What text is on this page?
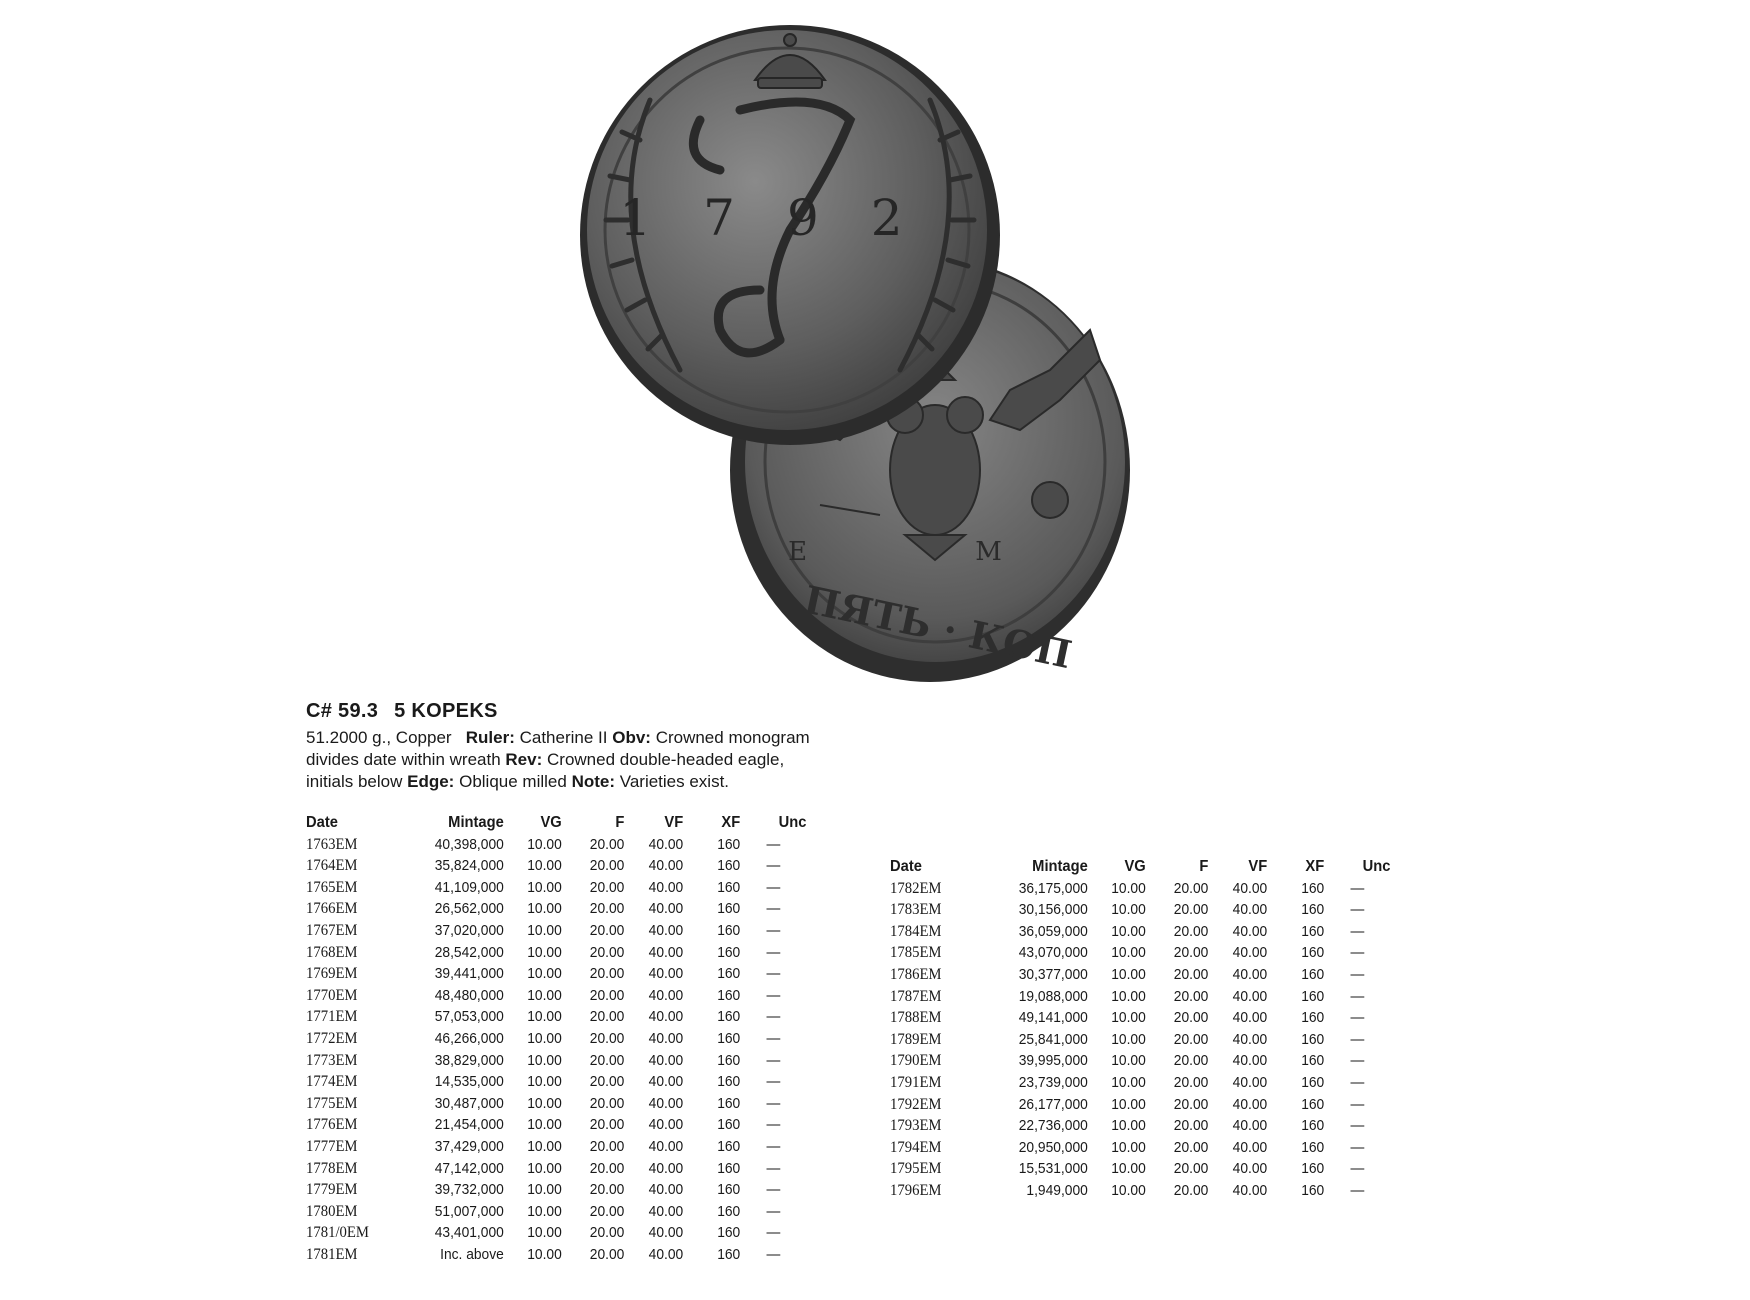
E M
ПЯТЬ · КОП
1792
C# 59.3 5 KOPEKS

51.2000 g., Copper Ruler: Catherine II Obv: Crowned monogram divides date within wreath Rev: Crowned double-headed eagle, initials below Edge: Oblique milled Note: Varieties exist.

Date	Mintage	VG	F	VF	XF	Unc
1763EM	40,398,000	10.00	20.00	40.00	160	—
1764EM	35,824,000	10.00	20.00	40.00	160	—
1765EM	41,109,000	10.00	20.00	40.00	160	—
1766EM	26,562,000	10.00	20.00	40.00	160	—
1767EM	37,020,000	10.00	20.00	40.00	160	—
1768EM	28,542,000	10.00	20.00	40.00	160	—
1769EM	39,441,000	10.00	20.00	40.00	160	—
1770EM	48,480,000	10.00	20.00	40.00	160	—
1771EM	57,053,000	10.00	20.00	40.00	160	—
1772EM	46,266,000	10.00	20.00	40.00	160	—
1773EM	38,829,000	10.00	20.00	40.00	160	—
1774EM	14,535,000	10.00	20.00	40.00	160	—
1775EM	30,487,000	10.00	20.00	40.00	160	—
1776EM	21,454,000	10.00	20.00	40.00	160	—
1777EM	37,429,000	10.00	20.00	40.00	160	—
1778EM	47,142,000	10.00	20.00	40.00	160	—
1779EM	39,732,000	10.00	20.00	40.00	160	—
1780EM	51,007,000	10.00	20.00	40.00	160	—
1781/0EM	43,401,000	10.00	20.00	40.00	160	—
1781EM	Inc. above	10.00	20.00	40.00	160	—
Date	Mintage	VG	F	VF	XF	Unc
1782EM	36,175,000	10.00	20.00	40.00	160	—
1783EM	30,156,000	10.00	20.00	40.00	160	—
1784EM	36,059,000	10.00	20.00	40.00	160	—
1785EM	43,070,000	10.00	20.00	40.00	160	—
1786EM	30,377,000	10.00	20.00	40.00	160	—
1787EM	19,088,000	10.00	20.00	40.00	160	—
1788EM	49,141,000	10.00	20.00	40.00	160	—
1789EM	25,841,000	10.00	20.00	40.00	160	—
1790EM	39,995,000	10.00	20.00	40.00	160	—
1791EM	23,739,000	10.00	20.00	40.00	160	—
1792EM	26,177,000	10.00	20.00	40.00	160	—
1793EM	22,736,000	10.00	20.00	40.00	160	—
1794EM	20,950,000	10.00	20.00	40.00	160	—
1795EM	15,531,000	10.00	20.00	40.00	160	—
1796EM	1,949,000	10.00	20.00	40.00	160	—
